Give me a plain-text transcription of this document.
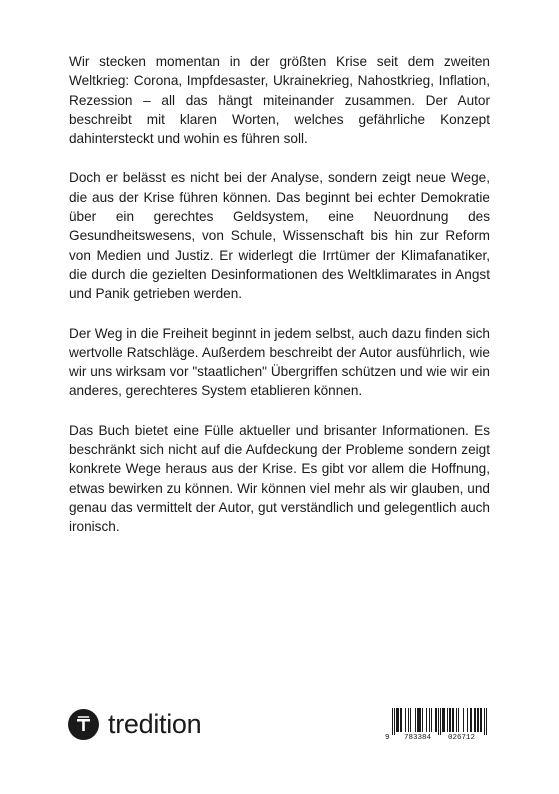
Wir stecken momentan in der größten Krise seit dem zweiten Weltkrieg: Corona, Impfdesaster, Ukrainekrieg, Nahostkrieg, Inflation, Rezession – all das hängt miteinander zusammen. Der Autor beschreibt mit klaren Worten, welches gefährliche Konzept dahintersteckt und wohin es führen soll.

Doch er belässt es nicht bei der Analyse, sondern zeigt neue Wege, die aus der Krise führen können. Das beginnt bei echter Demokratie über ein gerechtes Geldsystem, eine Neuordnung des Gesundheitswesens, von Schule, Wissenschaft bis hin zur Reform von Medien und Justiz. Er widerlegt die Irrtümer der Klimafanatiker, die durch die gezielten Desinformationen des Weltklimarates in Angst und Panik getrieben werden.

Der Weg in die Freiheit beginnt in jedem selbst, auch dazu finden sich wertvolle Ratschläge. Außerdem beschreibt der Autor ausführlich, wie wir uns wirksam vor "staatlichen" Übergriffen schützen und wie wir ein anderes, gerechteres System etablieren können.

Das Buch bietet eine Fülle aktueller und brisanter Informationen. Es beschränkt sich nicht auf die Aufdeckung der Probleme sondern zeigt konkrete Wege heraus aus der Krise. Es gibt vor allem die Hoffnung, etwas bewirken zu können. Wir können viel mehr als wir glauben, und genau das vermittelt der Autor, gut verständlich und gelegentlich auch ironisch.

tredition	9 783384 026712
